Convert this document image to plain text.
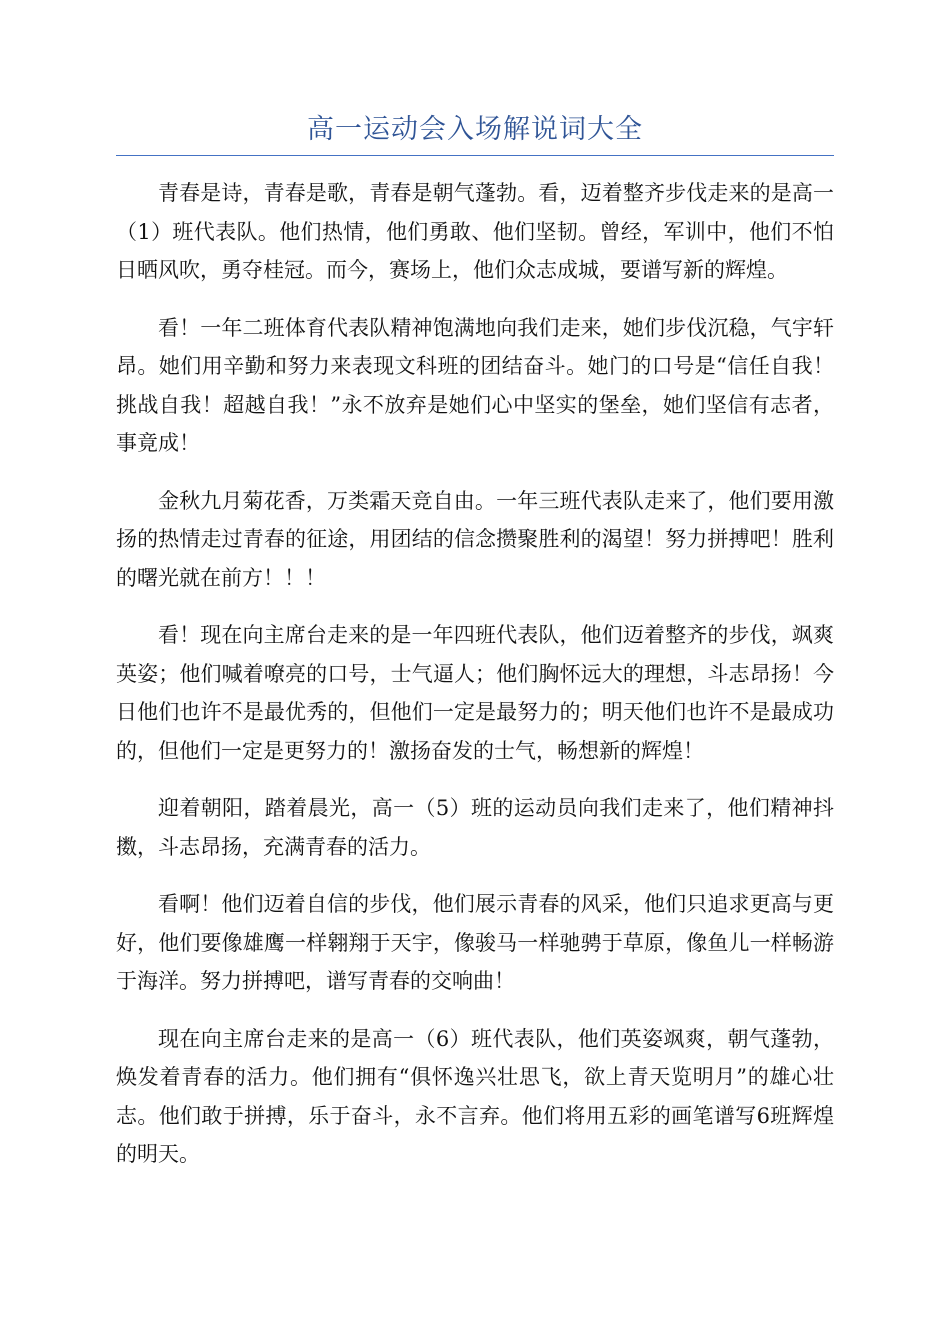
高一运动会入场解说词大全

青春是诗，青春是歌，青春是朝气蓬勃。看，迈着整齐步伐走来的是高一（1）班代表队。他们热情，他们勇敢、他们坚韧。曾经，军训中，他们不怕日晒风吹，勇夺桂冠。而今，赛场上，他们众志成城，要谱写新的辉煌。

看！一年二班体育代表队精神饱满地向我们走来，她们步伐沉稳，气宇轩昂。她们用辛勤和努力来表现文科班的团结奋斗。她门的口号是“信任自我！挑战自我！超越自我！”永不放弃是她们心中坚实的堡垒，她们坚信有志者，事竟成！

金秋九月菊花香，万类霜天竞自由。一年三班代表队走来了，他们要用激扬的热情走过青春的征途，用团结的信念攒聚胜利的渴望！努力拼搏吧！胜利的曙光就在前方！！！

看！现在向主席台走来的是一年四班代表队，他们迈着整齐的步伐，飒爽英姿；他们喊着嘹亮的口号，士气逼人；他们胸怀远大的理想，斗志昂扬！今日他们也许不是最优秀的，但他们一定是最努力的；明天他们也许不是最成功的，但他们一定是更努力的！激扬奋发的士气，畅想新的辉煌！

迎着朝阳，踏着晨光，高一（5）班的运动员向我们走来了，他们精神抖擞，斗志昂扬，充满青春的活力。

看啊！他们迈着自信的步伐，他们展示青春的风采，他们只追求更高与更好，他们要像雄鹰一样翱翔于天宇，像骏马一样驰骋于草原，像鱼儿一样畅游于海洋。努力拼搏吧，谱写青春的交响曲！

现在向主席台走来的是高一（6）班代表队，他们英姿飒爽，朝气蓬勃，焕发着青春的活力。他们拥有“俱怀逸兴壮思飞，欲上青天览明月”的雄心壮志。他们敢于拼搏，乐于奋斗，永不言弃。他们将用五彩的画笔谱写6班辉煌的明天。
